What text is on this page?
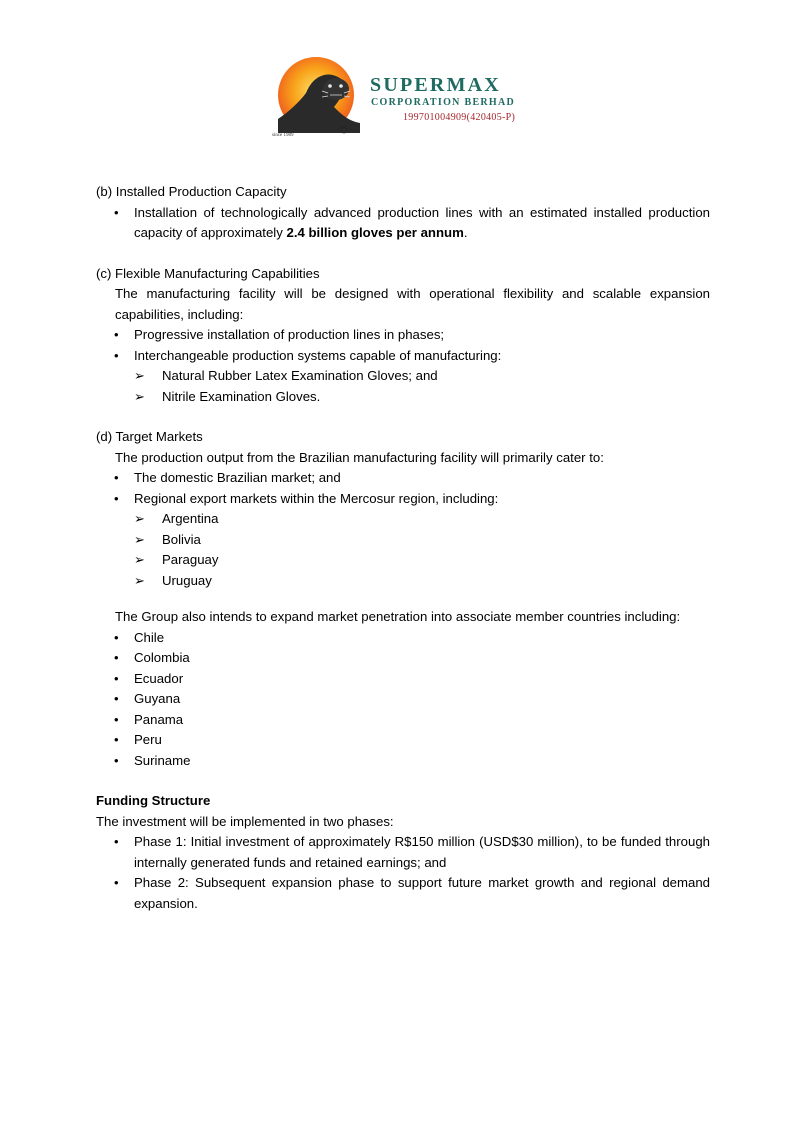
SUPERMAX
CORPORATION BERHAD
199701004909(420405-P)
since 1989
(b) Installed Production Capacity
• Installation of technologically advanced production lines with an estimated installed production capacity of approximately 2.4 billion gloves per annum.
(c) Flexible Manufacturing Capabilities
The manufacturing facility will be designed with operational flexibility and scalable expansion capabilities, including:
• Progressive installation of production lines in phases;
• Interchangeable production systems capable of manufacturing:
➢ Natural Rubber Latex Examination Gloves; and
➢ Nitrile Examination Gloves.
(d) Target Markets
The production output from the Brazilian manufacturing facility will primarily cater to:
• The domestic Brazilian market; and
• Regional export markets within the Mercosur region, including:
➢ Argentina
➢ Bolivia
➢ Paraguay
➢ Uruguay
The Group also intends to expand market penetration into associate member countries including:
• Chile
• Colombia
• Ecuador
• Guyana
• Panama
• Peru
• Suriname
Funding Structure
The investment will be implemented in two phases:
• Phase 1: Initial investment of approximately R$150 million (USD$30 million), to be funded through internally generated funds and retained earnings; and
• Phase 2: Subsequent expansion phase to support future market growth and regional demand expansion.
